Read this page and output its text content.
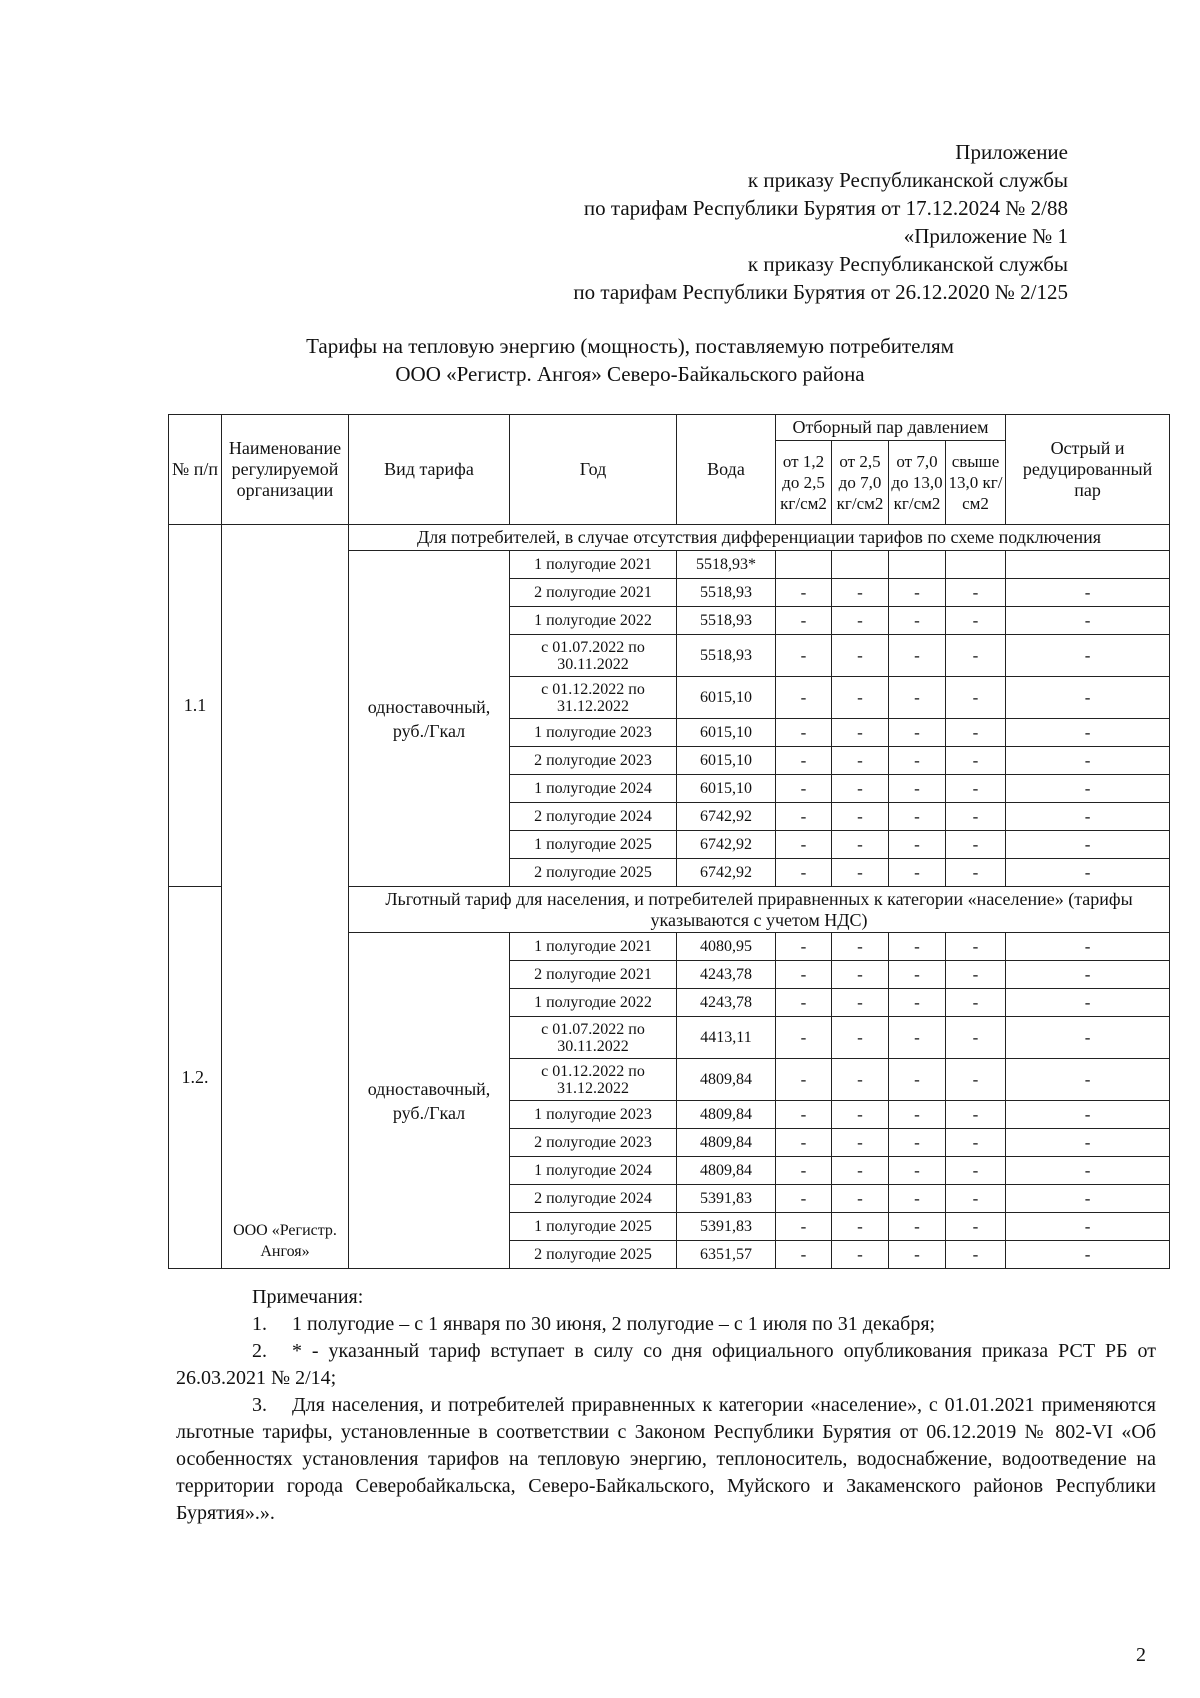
Приложение
к приказу Республиканской службы
по тарифам Республики Бурятия от 17.12.2024 № 2/88
«Приложение № 1
к приказу Республиканской службы
по тарифам Республики Бурятия от 26.12.2020 № 2/125
Тарифы на тепловую энергию (мощность), поставляемую потребителям
ООО «Регистр. Ангоя» Северо-Байкальского района
№ п/п	Наименование регулируемой организации	Вид тарифа	Год	Вода	Отборный пар давлением				Острый и редуцированный пар
					от 1,2 до 2,5 кг/см2	от 2,5 до 7,0 кг/см2	от 7,0 до 13,0 кг/см2	свыше 13,0 кг/см2	
1.1	ООО «Регистр. Ангоя»	Для потребителей, в случае отсутствия дифференциации тарифов по схеме подключения							
		одноставочный, руб./Гкал	1 полугодие 2021	5518,93*					
			2 полугодие 2021	5518,93	-	-	-	-	-
			1 полугодие 2022	5518,93	-	-	-	-	-
			с 01.07.2022 по 30.11.2022	5518,93	-	-	-	-	-
			с 01.12.2022 по 31.12.2022	6015,10	-	-	-	-	-
			1 полугодие 2023	6015,10	-	-	-	-	-
			2 полугодие 2023	6015,10	-	-	-	-	-
			1 полугодие 2024	6015,10	-	-	-	-	-
			2 полугодие 2024	6742,92	-	-	-	-	-
			1 полугодие 2025	6742,92	-	-	-	-	-
			2 полугодие 2025	6742,92	-	-	-	-	-
1.2.		Льготный тариф для населения, и потребителей приравненных к категории «население» (тарифы указываются с учетом НДС)							
		одноставочный, руб./Гкал	1 полугодие 2021	4080,95	-	-	-	-	-
			2 полугодие 2021	4243,78	-	-	-	-	-
			1 полугодие 2022	4243,78	-	-	-	-	-
			с 01.07.2022 по 30.11.2022	4413,11	-	-	-	-	-
			с 01.12.2022 по 31.12.2022	4809,84	-	-	-	-	-
			1 полугодие 2023	4809,84	-	-	-	-	-
			2 полугодие 2023	4809,84	-	-	-	-	-
			1 полугодие 2024	4809,84	-	-	-	-	-
			2 полугодие 2024	5391,83	-	-	-	-	-
			1 полугодие 2025	5391,83	-	-	-	-	-
			2 полугодие 2025	6351,57	-	-	-	-	-

Примечания:

1. 1 полугодие – с 1 января по 30 июня, 2 полугодие – с 1 июля по 31 декабря;

2. * - указанный тариф вступает в силу со дня официального опубликования приказа РСТ РБ от 26.03.2021 № 2/14;

3. Для населения, и потребителей приравненных к категории «население», с 01.01.2021 применяются льготные тарифы, установленные в соответствии с Законом Республики Бурятия от 06.12.2019 № 802-VI «Об особенностях установления тарифов на тепловую энергию, теплоноситель, водоснабжение, водоотведение на территории города Северобайкальска, Северо-Байкальского, Муйского и Закаменского районов Республики Бурятия».».

2
